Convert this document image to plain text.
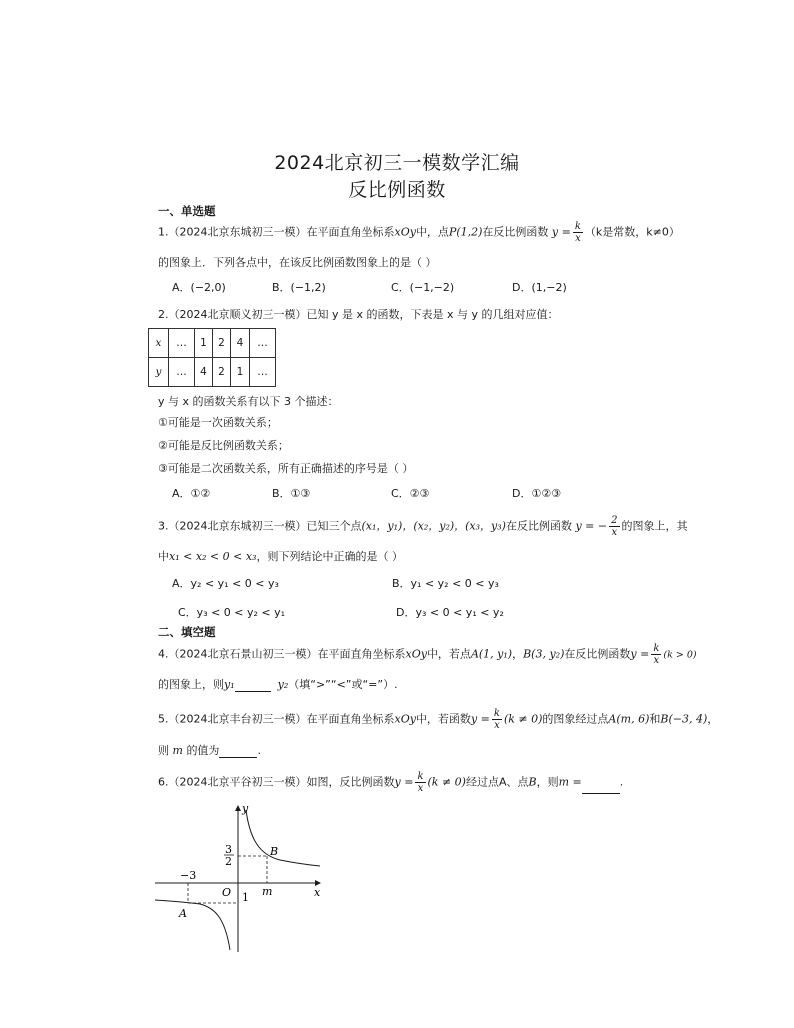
2024北京初三一模数学汇编
反比例函数
一、单选题
1.（2024北京东城初三一模）在平面直角坐标系xOy中，点P(1,2)在反比例函数 $y = \frac{k}{x} (k$是常数，k≠0）
的图象上．下列各点中，在该反比例函数图象上的是（ ）
A．(−2,0)	B．(−1,2)	C．(−1,−2)	D．(1,−2)
2.（2024北京顺义初三一模）已知 y 是 x 的函数，下表是 x 与 y 的几组对应值：
x	…	1	2	4	…
y	…	4	2	1	…
y 与 x 的函数关系有以下 3 个描述：
①可能是一次函数关系；
②可能是反比例函数关系；
③可能是二次函数关系，所有正确描述的序号是（ ）
A．①②	B．①③	C．②③	D．①②③
3.（2024北京东城初三一模）已知三个点(x₁，y₁)，(x₂，y₂)，(x₃，y₃)在反比例函数 y = − $\frac{2}{x}$ 的图象上，其
中x₁ < x₂ < 0 < x₃，则下列结论中正确的是（ ）
A．y₂ < y₁ < 0 < y₃	B．y₁ < y₂ < 0 < y₃
C．y₃ < 0 < y₂ < y₁	D．y₃ < 0 < y₁ < y₂
二、填空题
4.（2024北京石景山初三一模）在平面直角坐标系xOy中，若点A(1, y₁)，B(3, y₂)在反比例函数$y = \frac{k}{x} (k > 0)$
的图象上，则y₁	y₂（填“>”“<”或“=”）.
5.（2024北京丰台初三一模）在平面直角坐标系xOy中，若函数$y = \frac{k}{x} (k \ne 0)$的图象经过点A(m, 6)和B(−3, 4)，
则 m 的值为	.
6.（2024北京平谷初三一模）如图，反比例函数$y = \frac{k}{x} (k \ne 0)$经过点A、点B，则m =	.
y
x
O
B
A
m
−3
1
3
2
